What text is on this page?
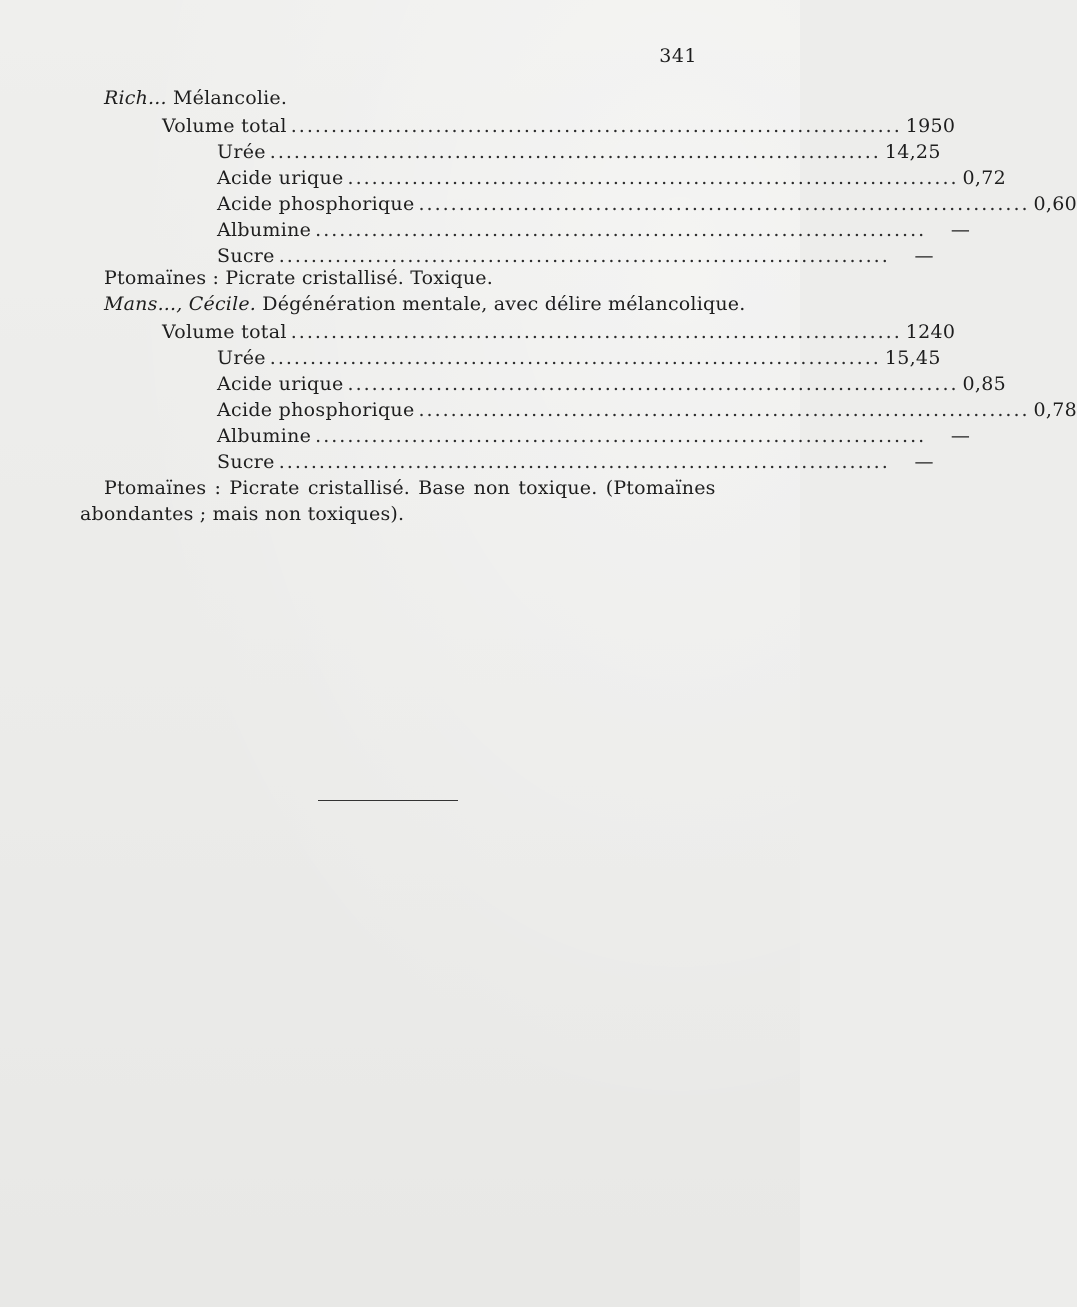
341
Rich... Mélancolie.
Volume total ............................................................................ 1950
Urée ............................................................................ 14,25
Acide urique ............................................................................ 0,72
Acide phosphorique ............................................................................ 0,60
Albumine ............................................................................	—
Sucre ............................................................................	—
Ptomaïnes : Picrate cristallisé. Toxique.
Mans..., Cécile. Dégénération mentale, avec délire mélancolique.
Volume total ............................................................................ 1240
Urée ............................................................................ 15,45
Acide urique ............................................................................ 0,85
Acide phosphorique ............................................................................ 0,78
Albumine ............................................................................	—
Sucre ............................................................................	—
Ptomaïnes : Picrate cristallisé. Base non toxique. (Ptomaïnes
abondantes ; mais non toxiques).
